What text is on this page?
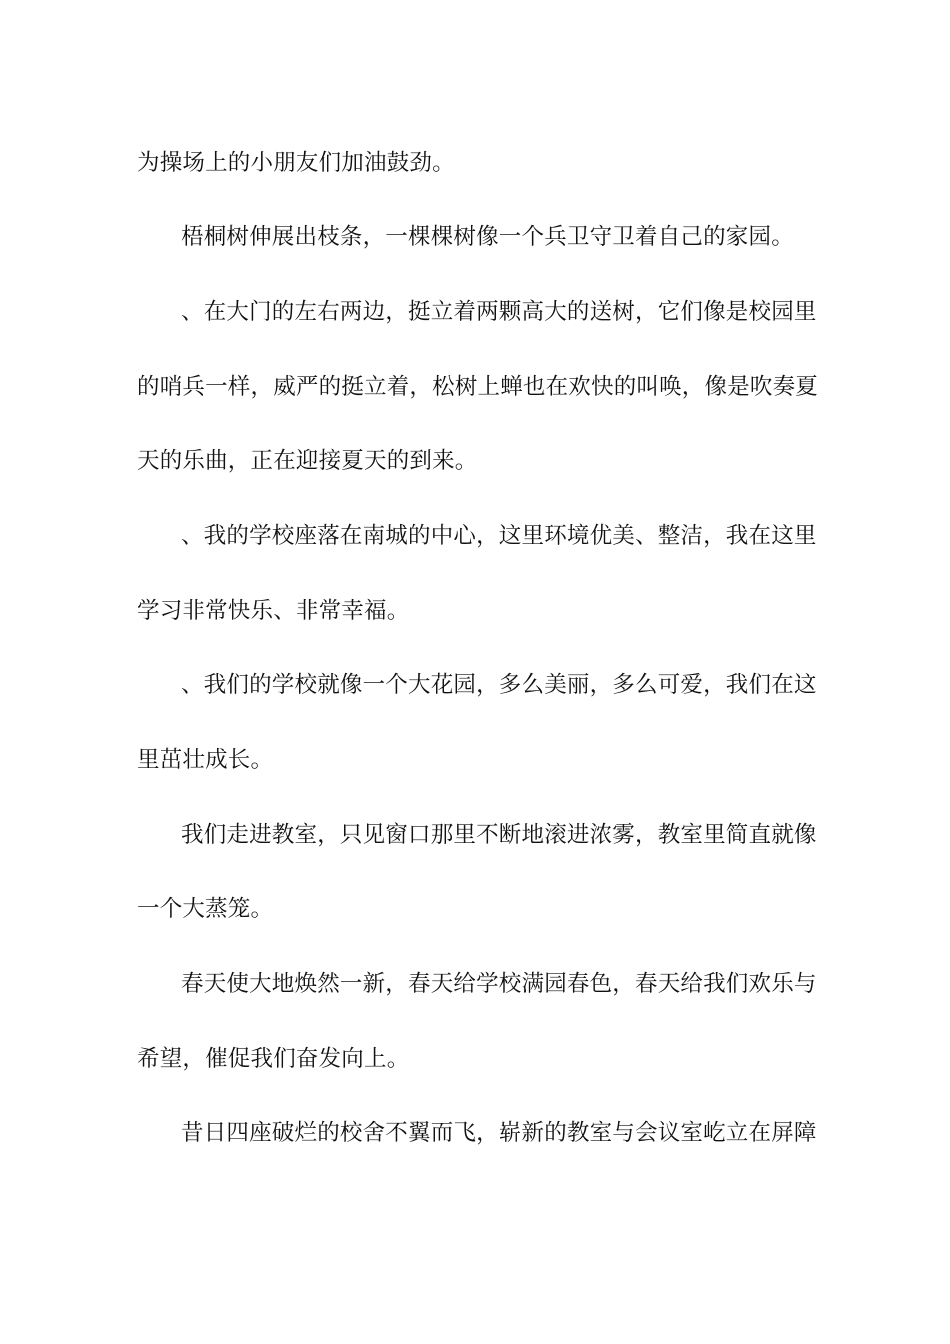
为操场上的小朋友们加油鼓劲。
梧桐树伸展出枝条，一棵棵树像一个兵卫守卫着自己的家园。
、在大门的左右两边，挺立着两颗高大的送树，它们像是校园里
的哨兵一样，威严的挺立着，松树上蝉也在欢快的叫唤，像是吹奏夏
天的乐曲，正在迎接夏天的到来。
、我的学校座落在南城的中心，这里环境优美、整洁，我在这里
学习非常快乐、非常幸福。
、我们的学校就像一个大花园，多么美丽，多么可爱，我们在这
里茁壮成长。
我们走进教室，只见窗口那里不断地滚进浓雾，教室里简直就像
一个大蒸笼。
春天使大地焕然一新，春天给学校满园春色，春天给我们欢乐与
希望，催促我们奋发向上。
昔日四座破烂的校舍不翼而飞，崭新的教室与会议室屹立在屏障
